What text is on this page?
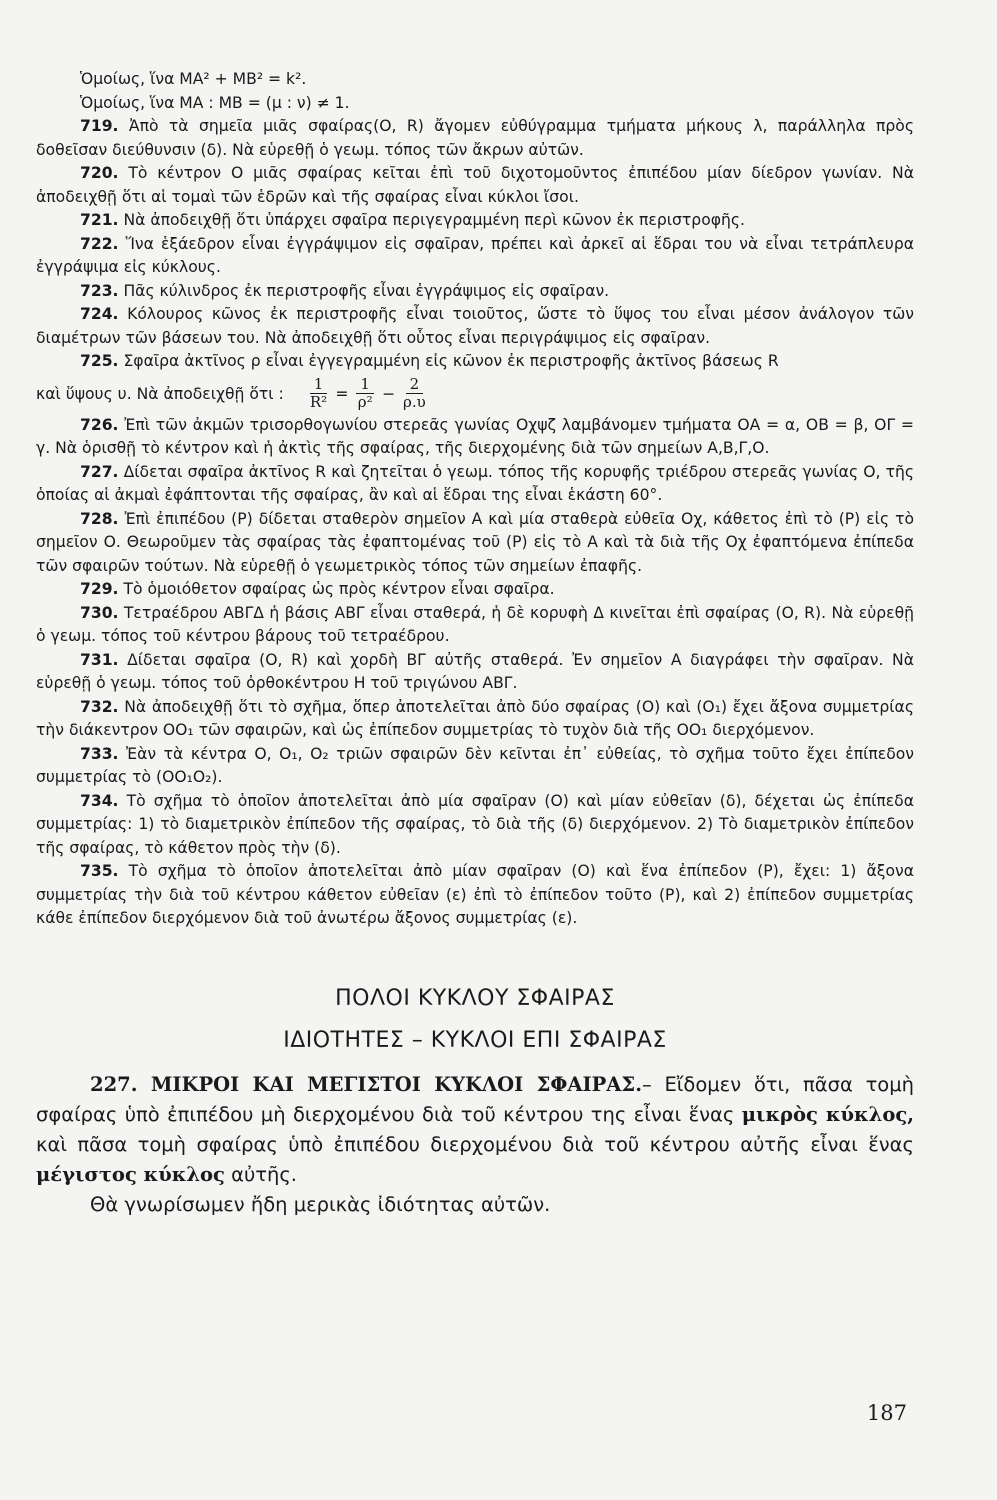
Ὁμοίως, ἵνα ΜΑ² + ΜΒ² = k².

Ὁμοίως, ἵνα ΜΑ : ΜΒ = (μ : ν) ≠ 1.

719. Ἀπὸ τὰ σημεῖα μιᾶς σφαίρας(Ο, R) ἄγομεν εὐθύγραμμα τμήματα μήκους λ, παράλληλα πρὸς δοθεῖσαν διεύθυνσιν (δ). Νὰ εὑρεθῇ ὁ γεωμ. τόπος τῶν ἄκρων αὐτῶν.

720. Τὸ κέντρον Ο μιᾶς σφαίρας κεῖται ἐπὶ τοῦ διχοτομοῦντος ἐπιπέδου μίαν δίεδρον γωνίαν. Νὰ ἀποδειχθῇ ὅτι αἱ τομαὶ τῶν ἑδρῶν καὶ τῆς σφαίρας εἶναι κύκλοι ἴσοι.

721. Νὰ ἀποδειχθῇ ὅτι ὑπάρχει σφαῖρα περιγεγραμμένη περὶ κῶνον ἐκ περιστροφῆς.

722. Ἵνα ἑξάεδρον εἶναι ἐγγράψιμον εἰς σφαῖραν, πρέπει καὶ ἀρκεῖ αἱ ἕδραι του νὰ εἶναι τετράπλευρα ἐγγράψιμα εἰς κύκλους.

723. Πᾶς κύλινδρος ἐκ περιστροφῆς εἶναι ἐγγράψιμος εἰς σφαῖραν.

724. Κόλουρος κῶνος ἐκ περιστροφῆς εἶναι τοιοῦτος, ὥστε τὸ ὕψος του εἶναι μέσον ἀνάλογον τῶν διαμέτρων τῶν βάσεων του. Νὰ ἀποδειχθῇ ὅτι οὗτος εἶναι περιγράψιμος εἰς σφαῖραν.

725. Σφαῖρα ἀκτῖνος ρ εἶναι ἐγγεγραμμένη εἰς κῶνον ἐκ περιστροφῆς ἀκτῖνος βάσεως R

καὶ ὕψους υ. Νὰ ἀποδειχθῇ ὅτι : $\frac{1}{\text{R²}} = \frac{1}{\text{ρ²}} - \frac{2}{\rho.\upsilon}$

726. Ἐπὶ τῶν ἀκμῶν τρισορθογωνίου στερεᾶς γωνίας Οχψζ λαμβάνομεν τμήματα ΟΑ = α, ΟΒ = β, ΟΓ = γ. Νὰ ὁρισθῇ τὸ κέντρον καὶ ἡ ἀκτὶς τῆς σφαίρας, τῆς διερχομένης διὰ τῶν σημείων Α,Β,Γ,Ο.

727. Δίδεται σφαῖρα ἀκτῖνος R καὶ ζητεῖται ὁ γεωμ. τόπος τῆς κορυφῆς τριέδρου στερεᾶς γωνίας Ο, τῆς ὁποίας αἱ ἀκμαὶ ἐφάπτονται τῆς σφαίρας, ἂν καὶ αἱ ἕδραι της εἶναι ἑκάστη 60°.

728. Ἐπὶ ἐπιπέδου (P) δίδεται σταθερὸν σημεῖον Α καὶ μία σταθερὰ εὐθεῖα Οχ, κάθετος ἐπὶ τὸ (P) εἰς τὸ σημεῖον Ο. Θεωροῦμεν τὰς σφαίρας τὰς ἐφαπτομένας τοῦ (P) εἰς τὸ Α καὶ τὰ διὰ τῆς Οχ ἐφαπτόμενα ἐπίπεδα τῶν σφαιρῶν τούτων. Νὰ εὑρεθῇ ὁ γεωμετρικὸς τόπος τῶν σημείων ἐπαφῆς.

729. Τὸ ὁμοιόθετον σφαίρας ὡς πρὸς κέντρον εἶναι σφαῖρα.

730. Τετραέδρου ΑΒΓΔ ἡ βάσις ΑΒΓ εἶναι σταθερά, ἡ δὲ κορυφὴ Δ κινεῖται ἐπὶ σφαίρας (Ο, R). Νὰ εὑρεθῇ ὁ γεωμ. τόπος τοῦ κέντρου βάρους τοῦ τετραέδρου.

731. Δίδεται σφαῖρα (Ο, R) καὶ χορδὴ ΒΓ αὐτῆς σταθερά. Ἐν σημεῖον Α διαγράφει τὴν σφαῖραν. Νὰ εὑρεθῇ ὁ γεωμ. τόπος τοῦ ὀρθοκέντρου Η τοῦ τριγώνου ΑΒΓ.

732. Νὰ ἀποδειχθῇ ὅτι τὸ σχῆμα, ὅπερ ἀποτελεῖται ἀπὸ δύο σφαίρας (Ο) καὶ (Ο₁) ἔχει ἄξονα συμμετρίας τὴν διάκεντρον ΟΟ₁ τῶν σφαιρῶν, καὶ ὡς ἐπίπεδον συμμετρίας τὸ τυχὸν διὰ τῆς ΟΟ₁ διερχόμενον.

733. Ἐὰν τὰ κέντρα Ο, Ο₁, Ο₂ τριῶν σφαιρῶν δὲν κεῖνται ἐπ᾽ εὐθείας, τὸ σχῆμα τοῦτο ἔχει ἐπίπεδον συμμετρίας τὸ (ΟΟ₁Ο₂).

734. Τὸ σχῆμα τὸ ὁποῖον ἀποτελεῖται ἀπὸ μία σφαῖραν (Ο) καὶ μίαν εὐθεῖαν (δ), δέχεται ὡς ἐπίπεδα συμμετρίας: 1) τὸ διαμετρικὸν ἐπίπεδον τῆς σφαίρας, τὸ διὰ τῆς (δ) διερχόμενον. 2) Τὸ διαμετρικὸν ἐπίπεδον τῆς σφαίρας, τὸ κάθετον πρὸς τὴν (δ).

735. Τὸ σχῆμα τὸ ὁποῖον ἀποτελεῖται ἀπὸ μίαν σφαῖραν (Ο) καὶ ἕνα ἐπίπεδον (P), ἔχει: 1) ἄξονα συμμετρίας τὴν διὰ τοῦ κέντρου κάθετον εὐθεῖαν (ε) ἐπὶ τὸ ἐπίπεδον τοῦτο (P), καὶ 2) ἐπίπεδον συμμετρίας κάθε ἐπίπεδον διερχόμενον διὰ τοῦ ἀνωτέρω ἄξονος συμμετρίας (ε).

ΠΟΛΟΙ ΚΥΚΛΟΥ ΣΦΑΙΡΑΣ

ΙΔΙΟΤΗΤΕΣ – ΚΥΚΛΟΙ ΕΠΙ ΣΦΑΙΡΑΣ

227. ΜΙΚΡΟΙ ΚΑΙ ΜΕΓΙΣΤΟΙ ΚΥΚΛΟΙ ΣΦΑΙΡΑΣ.– Εἴδομεν ὅτι, πᾶσα τομὴ σφαίρας ὑπὸ ἐπιπέδου μὴ διερχομένου διὰ τοῦ κέντρου της εἶναι ἕνας μικρὸς κύκλος, καὶ πᾶσα τομὴ σφαίρας ὑπὸ ἐπιπέδου διερχομένου διὰ τοῦ κέντρου αὐτῆς εἶναι ἕνας μέγιστος κύκλος αὐτῆς.

Θὰ γνωρίσωμεν ἤδη μερικὰς ἰδιότητας αὐτῶν.

187
